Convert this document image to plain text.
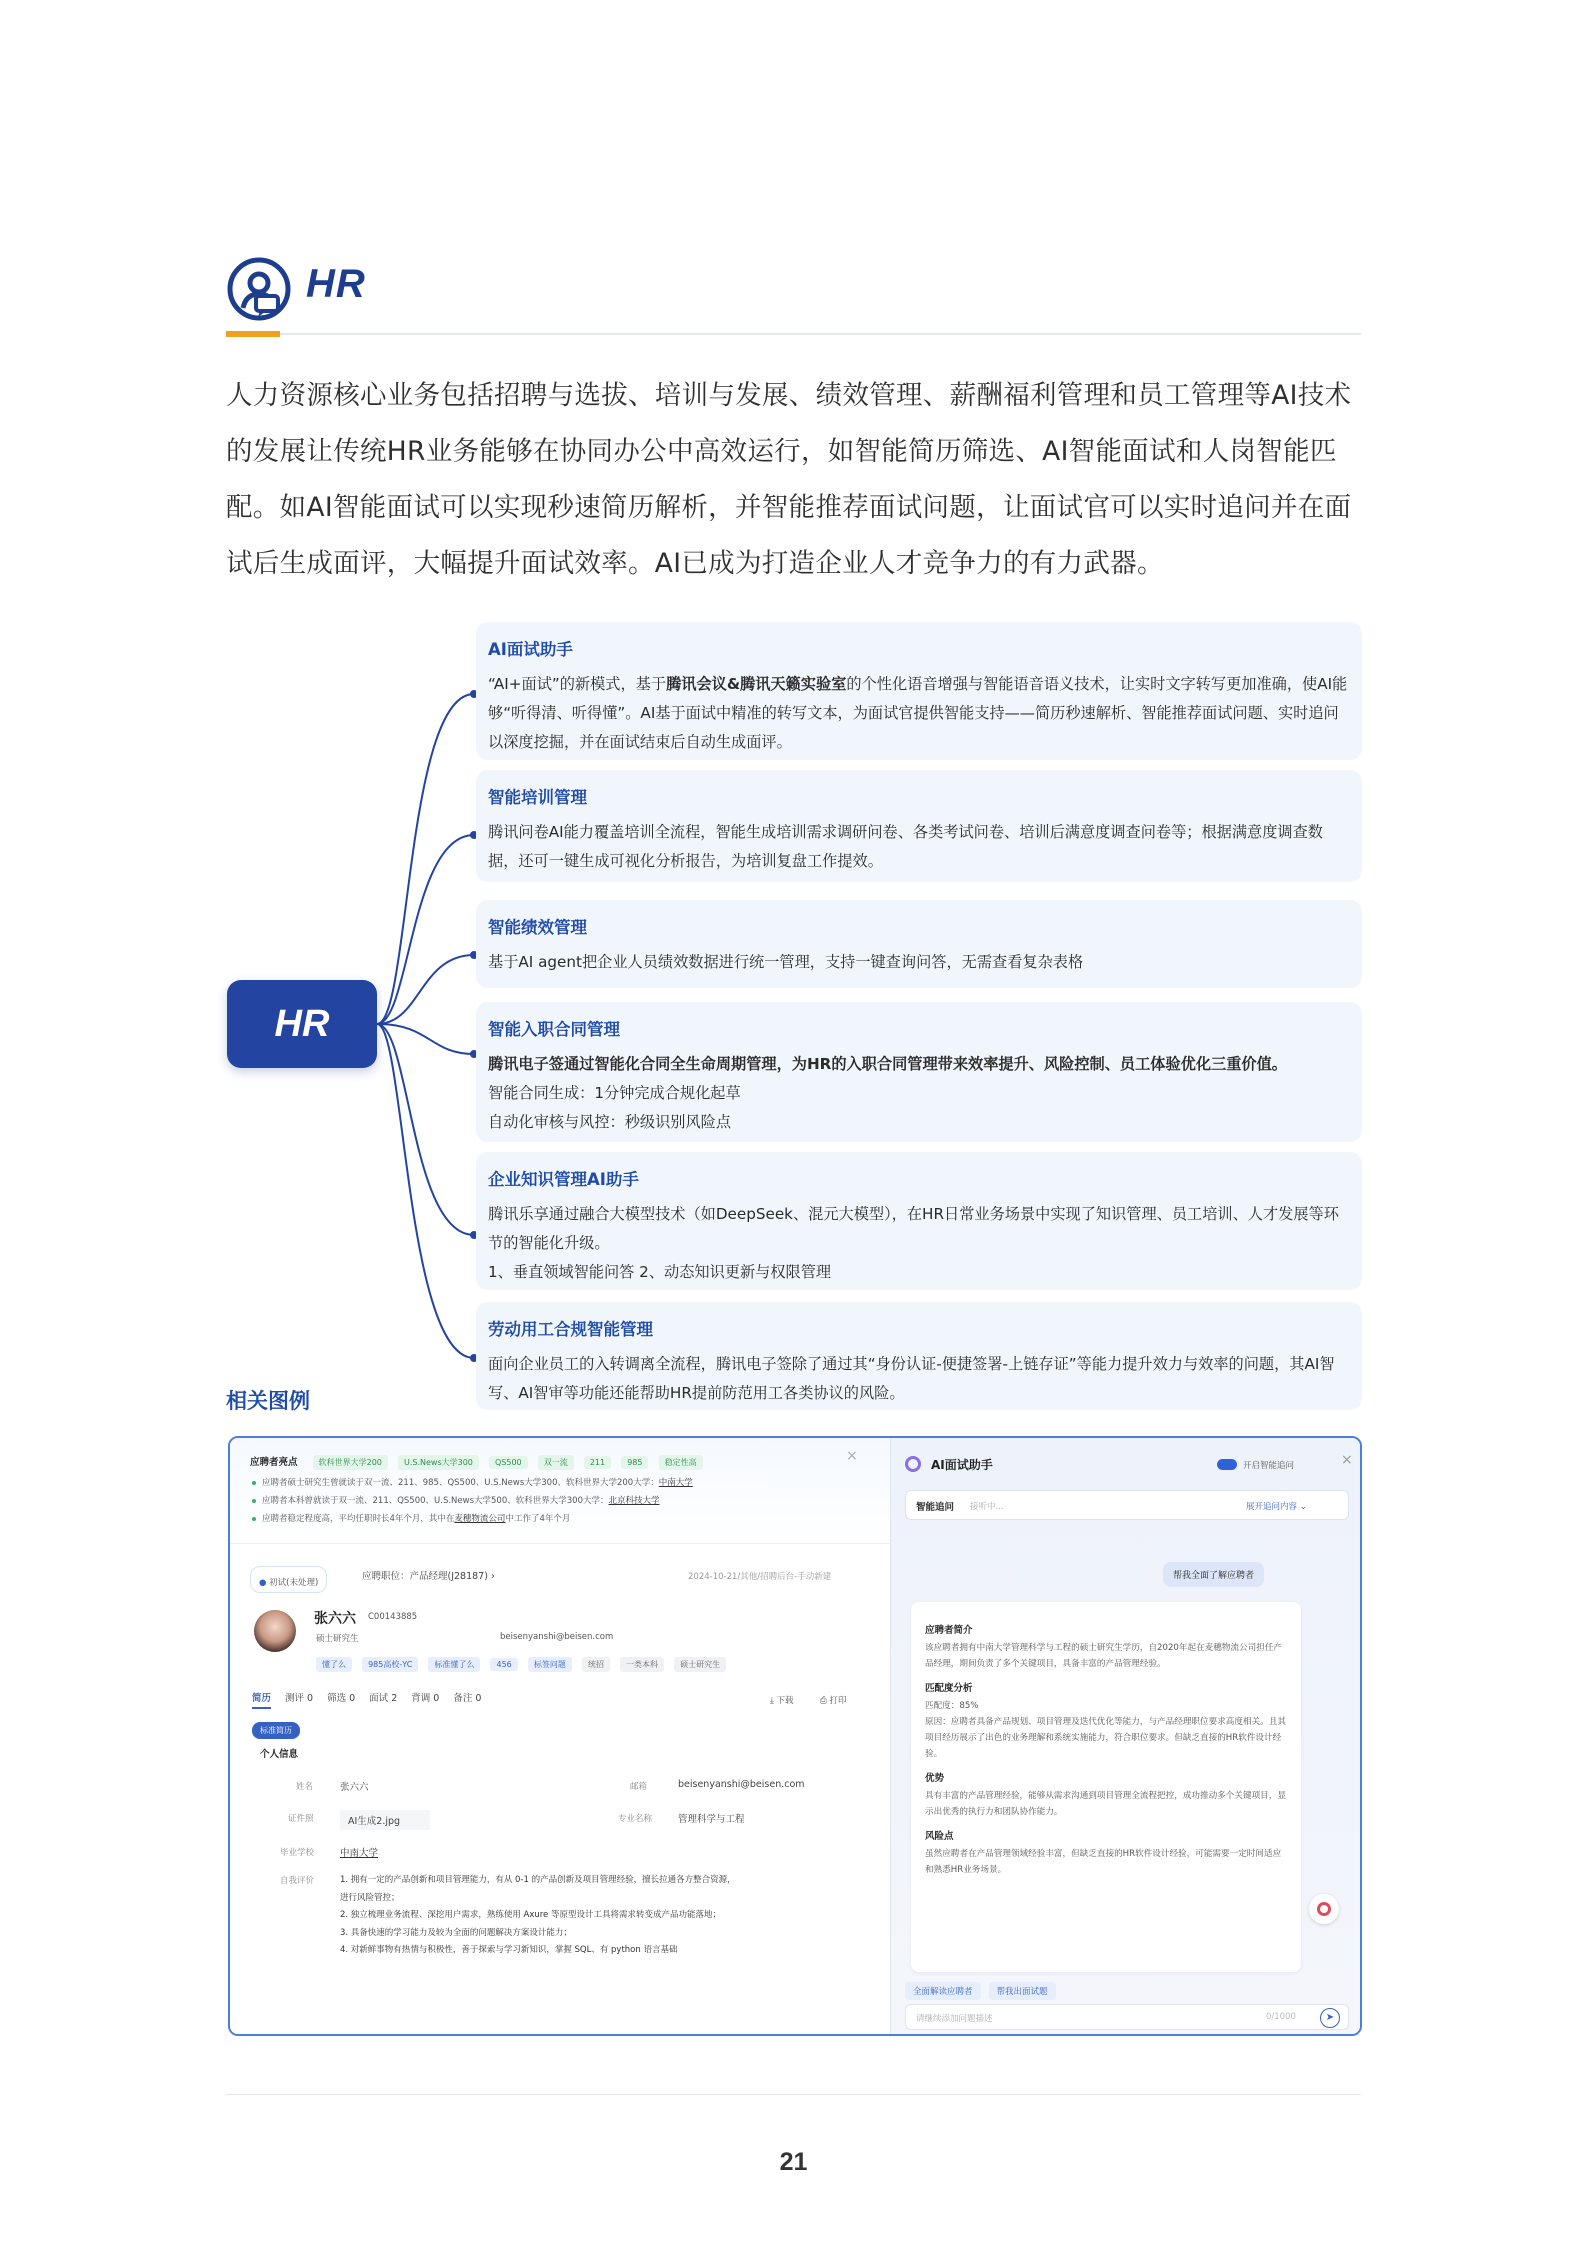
HR
人力资源核心业务包括招聘与选拔、培训与发展、绩效管理、薪酬福利管理和员工管理等AI技术的发展让传统HR业务能够在协同办公中高效运行，如智能简历筛选、AI智能面试和人岗智能匹配。如AI智能面试可以实现秒速简历解析，并智能推荐面试问题，让面试官可以实时追问并在面试后生成面评，大幅提升面试效率。AI已成为打造企业人才竞争力的有力武器。
HR
AI面试助手
“AI+面试”的新模式，基于腾讯会议&腾讯天籁实验室的个性化语音增强与智能语音语义技术，让实时文字转写更加准确，使AI能够“听得清、听得懂”。AI基于面试中精准的转写文本，为面试官提供智能支持——简历秒速解析、智能推荐面试问题、实时追问以深度挖掘，并在面试结束后自动生成面评。
智能培训管理
腾讯问卷AI能力覆盖培训全流程，智能生成培训需求调研问卷、各类考试问卷、培训后满意度调查问卷等；根据满意度调查数据，还可一键生成可视化分析报告，为培训复盘工作提效。
智能绩效管理
基于AI agent把企业人员绩效数据进行统一管理，支持一键查询问答，无需查看复杂表格
智能入职合同管理
腾讯电子签通过智能化合同全生命周期管理，为HR的入职合同管理带来效率提升、风险控制、员工体验优化三重价值。
智能合同生成：1分钟完成合规化起草
自动化审核与风控：秒级识别风险点
企业知识管理AI助手
腾讯乐享通过融合大模型技术（如DeepSeek、混元大模型），在HR日常业务场景中实现了知识管理、员工培训、人才发展等环节的智能化升级。
1、垂直领域智能问答 2、动态知识更新与权限管理
劳动用工合规智能管理
面向企业员工的入转调离全流程，腾讯电子签除了通过其“身份认证-便捷签署-上链存证”等能力提升效力与效率的问题，其AI智写、AI智审等功能还能帮助HR提前防范用工各类协议的风险。
相关图例
应聘者亮点	软科世界大学200	U.S.News大学300	QS500	双一流	211	985	稳定性高	×
应聘者硕士研究生曾就读于双一流、211、985、QS500、U.S.News大学300、软科世界大学200大学：中南大学
应聘者本科曾就读于双一流、211、QS500、U.S.News大学500、软科世界大学300大学：北京科技大学
应聘者稳定程度高，平均任职时长4年个月，其中在麦穗物流公司中工作了4年个月
● 初试(未处理)
应聘职位：产品经理(J28187) ›	2024-10-21/其他/招聘后台-手动新建
张六六 C00143885
硕士研究生	beisenyanshi@beisen.com
懂了么	985高校-YC	标准懂了么	456	标签问题	统招	一类本科	硕士研究生
简历 测评 0 筛选 0 面试 2 背调 0 备注 0	⤓ 下载	⎙ 打印
标准简历
个人信息
姓名	张六六	邮箱	beisenyanshi@beisen.com
证件照	AI生成2.jpg	专业名称	管理科学与工程
毕业学校	中南大学
自我评价	1. 拥有一定的产品创新和项目管理能力，有从 0-1 的产品创新及项目管理经验，擅长拉通各方整合资源，
进行风险管控；
2. 独立梳理业务流程、深挖用户需求，熟练使用 Axure 等原型设计工具将需求转变成产品功能落地；
3. 具备快速的学习能力及较为全面的问题解决方案设计能力；
4. 对新鲜事物有热情与积极性，善于探索与学习新知识，掌握 SQL、有 python 语言基础
AI面试助手	开启智能追问	×
智能追问 接听中...	展开追问内容 ⌄
帮我全面了解应聘者
应聘者简介

该应聘者拥有中南大学管理科学与工程的硕士研究生学历，自2020年起在麦穗物流公司担任产品经理，期间负责了多个关键项目，具备丰富的产品管理经验。

匹配度分析

匹配度：85%
原因：应聘者具备产品规划、项目管理及迭代优化等能力，与产品经理职位要求高度相关。且其项目经历展示了出色的业务理解和系统实施能力，符合职位要求。但缺乏直接的HR软件设计经验。

优势

具有丰富的产品管理经验，能够从需求沟通到项目管理全流程把控，成功推动多个关键项目，显示出优秀的执行力和团队协作能力。

风险点

虽然应聘者在产品管理领域经验丰富，但缺乏直接的HR软件设计经验，可能需要一定时间适应和熟悉HR业务场景。

全面解读应聘者	帮我出面试题
请继续添加问题描述	0/1000	➤
21
